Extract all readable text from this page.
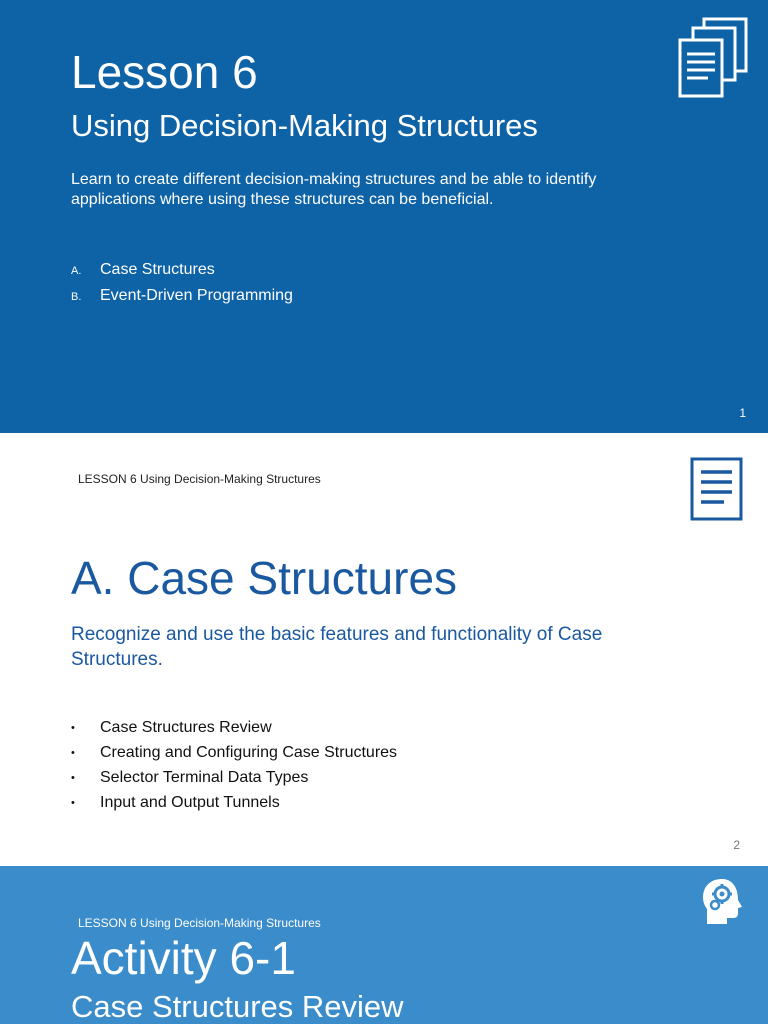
Lesson 6
Using Decision-Making Structures
Learn to create different decision-making structures and be able to identify applications where using these structures can be beneficial.
A.	Case Structures
B.	Event-Driven Programming
1
LESSON 6 Using Decision-Making Structures
A. Case Structures
Recognize and use the basic features and functionality of Case Structures.
•	Case Structures Review
•	Creating and Configuring Case Structures
•	Selector Terminal Data Types
•	Input and Output Tunnels
2
LESSON 6 Using Decision-Making Structures
Activity 6-1
Case Structures Review
